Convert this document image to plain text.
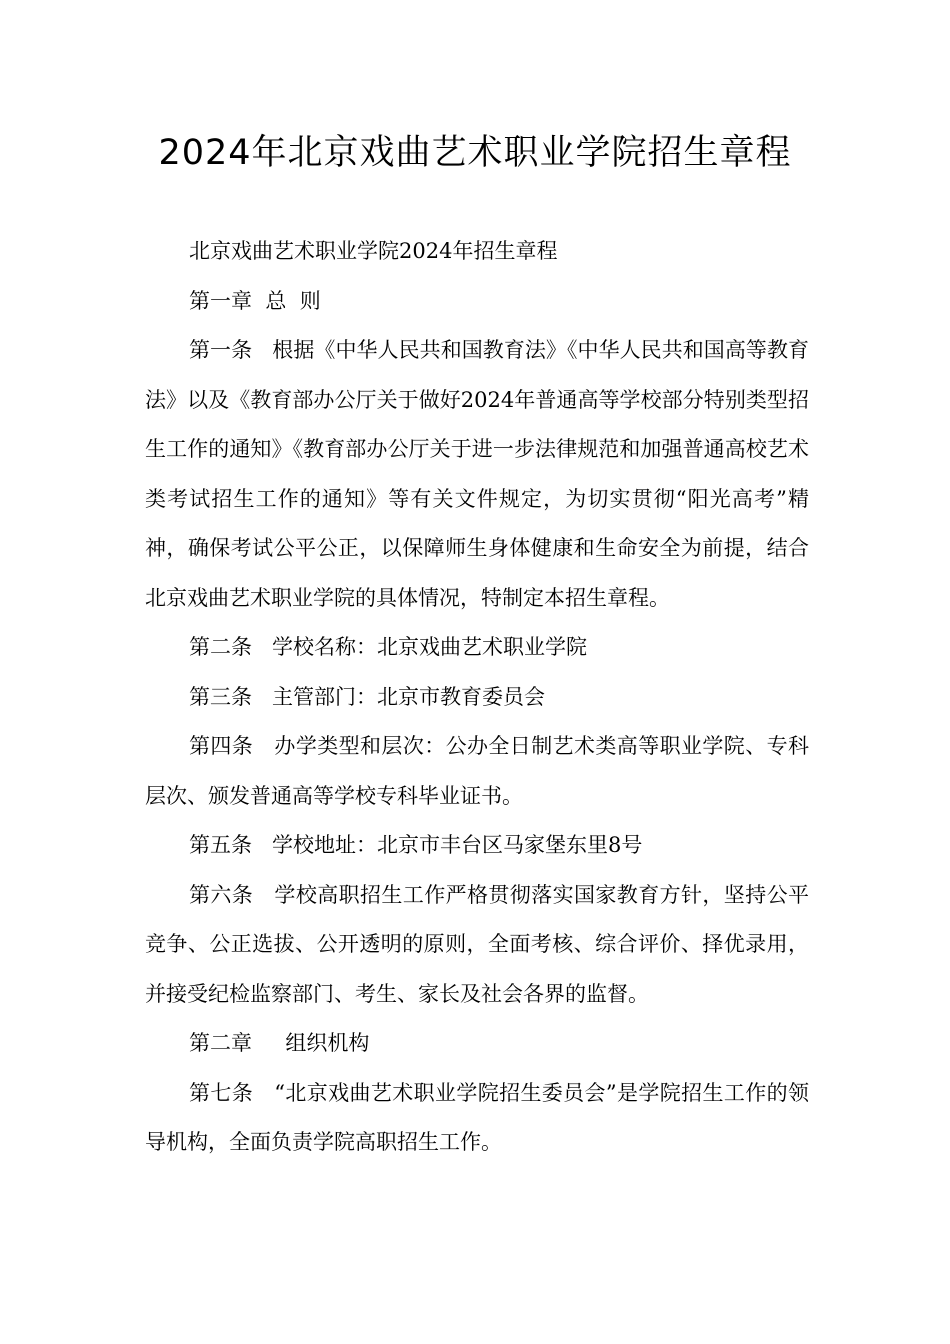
2024年北京戏曲艺术职业学院招生章程

北京戏曲艺术职业学院2024年招生章程

第一章  总  则

第一条   根据《中华人民共和国教育法》《中华人民共和国高等教育法》以及《教育部办公厅关于做好2024年普通高等学校部分特别类型招生工作的通知》《教育部办公厅关于进一步法律规范和加强普通高校艺术类考试招生工作的通知》等有关文件规定，为切实贯彻“阳光高考”精神，确保考试公平公正，以保障师生身体健康和生命安全为前提，结合北京戏曲艺术职业学院的具体情况，特制定本招生章程。

第二条   学校名称：北京戏曲艺术职业学院

第三条   主管部门：北京市教育委员会

第四条   办学类型和层次：公办全日制艺术类高等职业学院、专科层次、颁发普通高等学校专科毕业证书。

第五条   学校地址：北京市丰台区马家堡东里8号

第六条   学校高职招生工作严格贯彻落实国家教育方针，坚持公平竞争、公正选拔、公开透明的原则，全面考核、综合评价、择优录用，并接受纪检监察部门、考生、家长及社会各界的监督。

第二章     组织机构

第七条   “北京戏曲艺术职业学院招生委员会”是学院招生工作的领导机构，全面负责学院高职招生工作。
